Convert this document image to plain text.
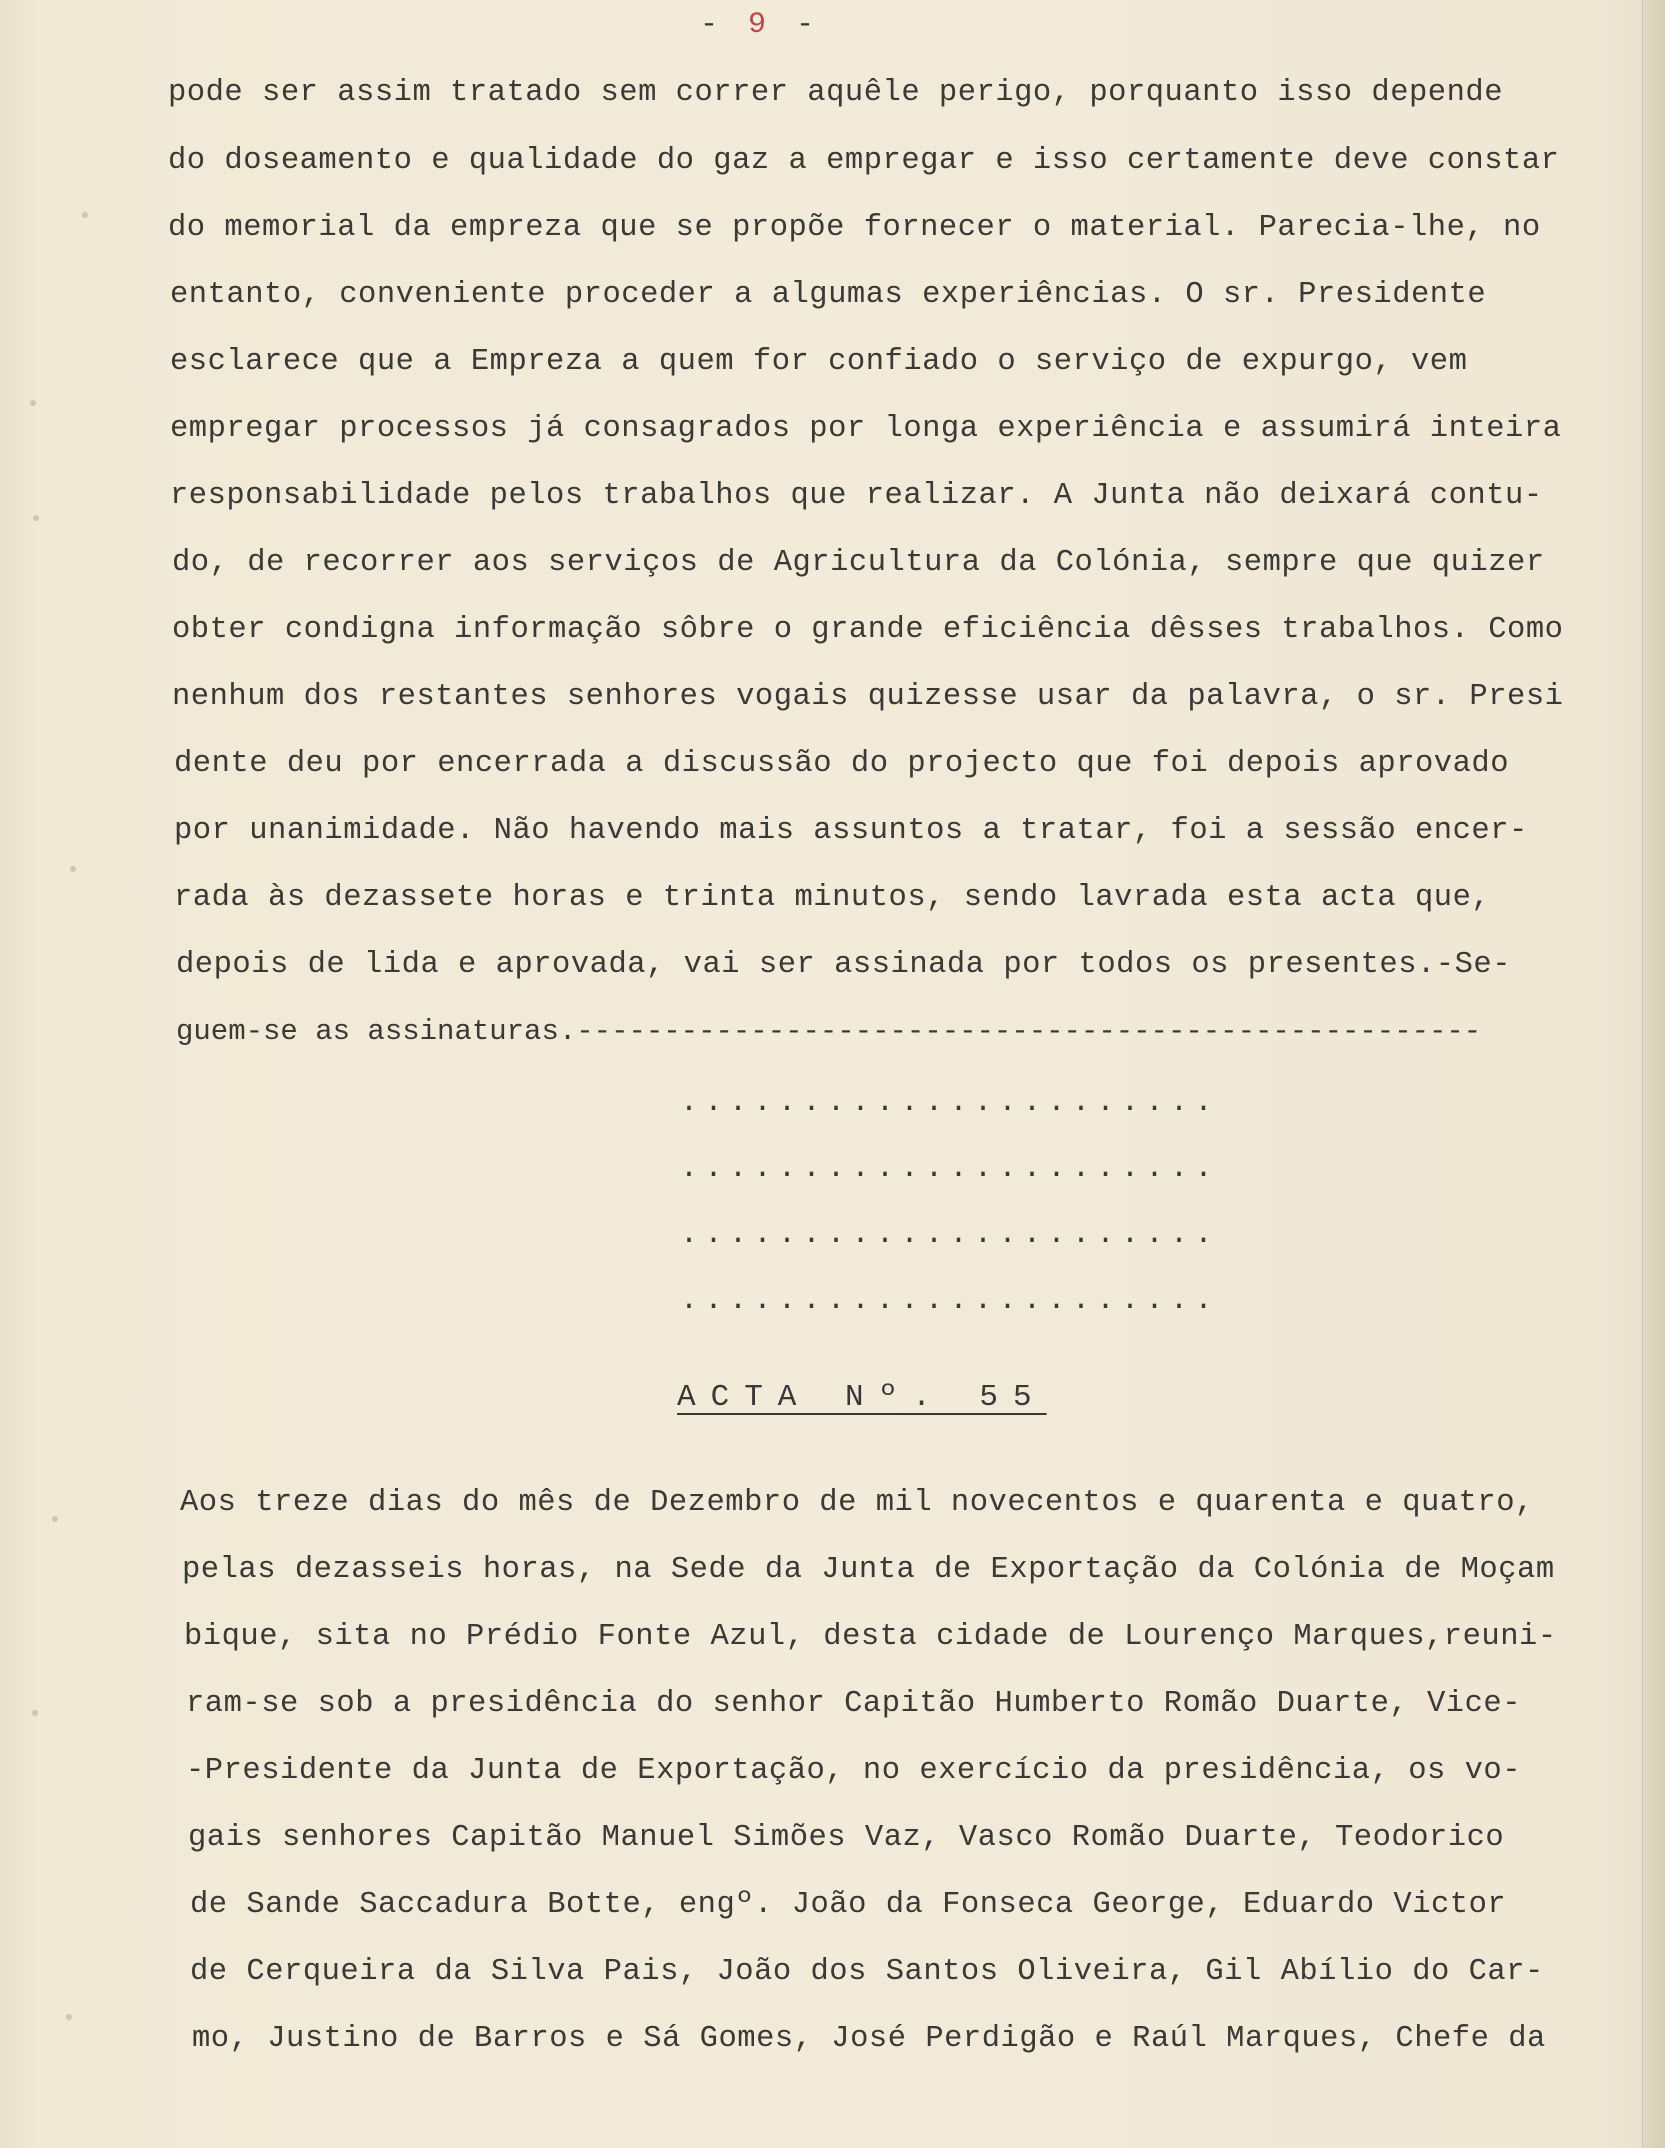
- 9 -
pode ser assim tratado sem correr aquêle perigo, porquanto isso depende
do doseamento e qualidade do gaz a empregar e isso certamente deve constar
do memorial da empreza que se propõe fornecer o material. Parecia-lhe, no
entanto, conveniente proceder a algumas experiências. O sr. Presidente
esclarece que a Empreza a quem for confiado o serviço de expurgo, vem
empregar processos já consagrados por longa experiência e assumirá inteira
responsabilidade pelos trabalhos que realizar. A Junta não deixará contu-
do, de recorrer aos serviços de Agricultura da Colónia, sempre que quizer
obter condigna informação sôbre o grande eficiência dêsses trabalhos. Como
nenhum dos restantes senhores vogais quizesse usar da palavra, o sr. Presi
dente deu por encerrada a discussão do projecto que foi depois aprovado
por unanimidade. Não havendo mais assuntos a tratar, foi a sessão encer-
rada às dezassete horas e trinta minutos, sendo lavrada esta acta que,
depois de lida e aprovada, vai ser assinada por todos os presentes.-Se-
guem-se as assinaturas.----------------------------------------------------
......................
......................
......................
......................
ACTA Nº. 55
Aos treze dias do mês de Dezembro de mil novecentos e quarenta e quatro,
pelas dezasseis horas, na Sede da Junta de Exportação da Colónia de Moçam
bique, sita no Prédio Fonte Azul, desta cidade de Lourenço Marques,reuni-
ram-se sob a presidência do senhor Capitão Humberto Romão Duarte, Vice-
-Presidente da Junta de Exportação, no exercício da presidência, os vo-
gais senhores Capitão Manuel Simões Vaz, Vasco Romão Duarte, Teodorico
de Sande Saccadura Botte, engº. João da Fonseca George, Eduardo Victor
de Cerqueira da Silva Pais, João dos Santos Oliveira, Gil Abílio do Car-
mo, Justino de Barros e Sá Gomes, José Perdigão e Raúl Marques, Chefe da
